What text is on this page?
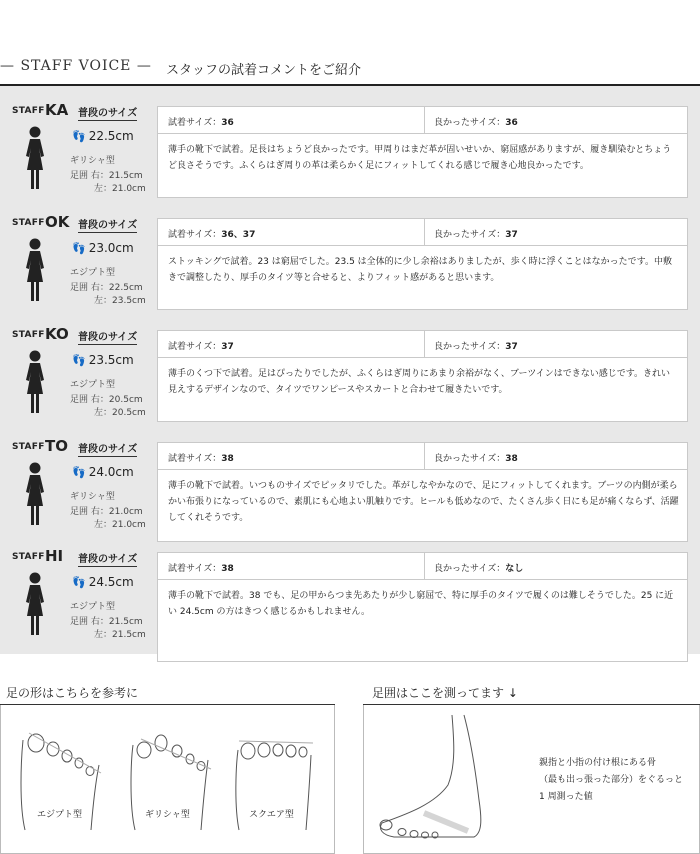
— STAFF VOICE — スタッフの試着コメントをご紹介
STAFF KA 普段のサイズ
👣 22.5cm
ギリシャ型
足囲 右：21.5cm
左：21.0cm
試着サイズ：36	良かったサイズ：36
薄手の靴下で試着。足長はちょうど良かったです。甲周りはまだ革が固いせいか、窮屈感がありますが、履き馴染むとちょうど良さそうです。ふくらはぎ周りの革は柔らかく足にフィットしてくれる感じで履き心地良かったです。
STAFF OK 普段のサイズ
👣 23.0cm
エジプト型
足囲 右：22.5cm
左：23.5cm
試着サイズ：36、37	良かったサイズ：37
ストッキングで試着。23 は窮屈でした。23.5 は全体的に少し余裕はありましたが、歩く時に浮くことはなかったです。中敷きで調整したり、厚手のタイツ等と合せると、よりフィット感があると思います。
STAFF KO 普段のサイズ
👣 23.5cm
エジプト型
足囲 右：20.5cm
左：20.5cm
試着サイズ：37	良かったサイズ：37
薄手のくつ下で試着。足はぴったりでしたが、ふくらはぎ周りにあまり余裕がなく、ブーツインはできない感じです。きれい見えするデザインなので、タイツでワンピースやスカートと合わせて履きたいです。
STAFF TO 普段のサイズ
👣 24.0cm
ギリシャ型
足囲 右：21.0cm
左：21.0cm
試着サイズ：38	良かったサイズ：38
薄手の靴下で試着。いつものサイズでピッタリでした。革がしなやかなので、足にフィットしてくれます。ブーツの内側が柔らかい布張りになっているので、素肌にも心地よい肌触りです。ヒールも低めなので、たくさん歩く日にも足が痛くならず、活躍してくれそうです。
STAFF HI 普段のサイズ
👣 24.5cm
エジプト型
足囲 右：21.5cm
左：21.5cm
試着サイズ：38	良かったサイズ：なし
薄手の靴下で試着。38 でも、足の甲からつま先あたりが少し窮屈で、特に厚手のタイツで履くのは難しそうでした。25 に近い 24.5cm の方はきつく感じるかもしれません。
足の形はこちらを参考に	足囲はここを測ってます ↓
エジプト型	ギリシャ型	スクエア型
親指と小指の付け根にある骨
（最も出っ張った部分）をぐるっと
1 周測った値
